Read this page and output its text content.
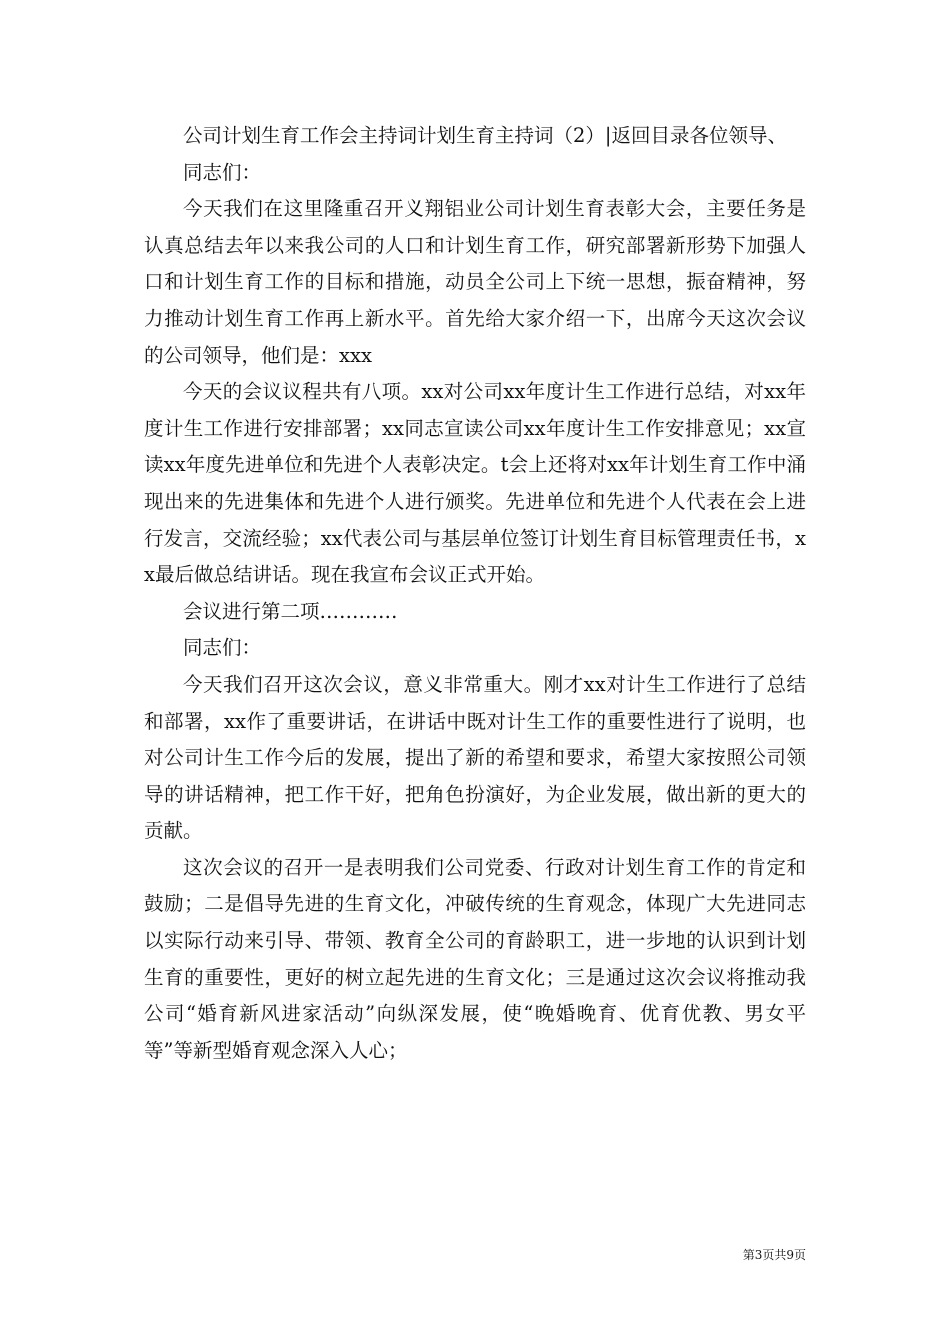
公司计划生育工作会主持词计划生育主持词（2）|返回目录各位领导、

同志们：

今天我们在这里隆重召开义翔铝业公司计划生育表彰大会，主要任务是认真总结去年以来我公司的人口和计划生育工作，研究部署新形势下加强人口和计划生育工作的目标和措施，动员全公司上下统一思想，振奋精神，努力推动计划生育工作再上新水平。首先给大家介绍一下，出席今天这次会议的公司领导，他们是：xxx

今天的会议议程共有八项。xx对公司xx年度计生工作进行总结，对xx年度计生工作进行安排部署；xx同志宣读公司xx年度计生工作安排意见；xx宣读xx年度先进单位和先进个人表彰决定。t会上还将对xx年计划生育工作中涌现出来的先进集体和先进个人进行颁奖。先进单位和先进个人代表在会上进行发言，交流经验；xx代表公司与基层单位签订计划生育目标管理责任书，xx最后做总结讲话。现在我宣布会议正式开始。

会议进行第二项…………

同志们：

今天我们召开这次会议，意义非常重大。刚才xx对计生工作进行了总结和部署，xx作了重要讲话，在讲话中既对计生工作的重要性进行了说明，也对公司计生工作今后的发展，提出了新的希望和要求，希望大家按照公司领导的讲话精神，把工作干好，把角色扮演好，为企业发展，做出新的更大的贡献。

这次会议的召开一是表明我们公司党委、行政对计划生育工作的肯定和鼓励；二是倡导先进的生育文化，冲破传统的生育观念，体现广大先进同志以实际行动来引导、带领、教育全公司的育龄职工，进一步地的认识到计划生育的重要性，更好的树立起先进的生育文化；三是通过这次会议将推动我公司“婚育新风进家活动”向纵深发展，使“晚婚晚育、优育优教、男女平等”等新型婚育观念深入人心；

第3页共9页
